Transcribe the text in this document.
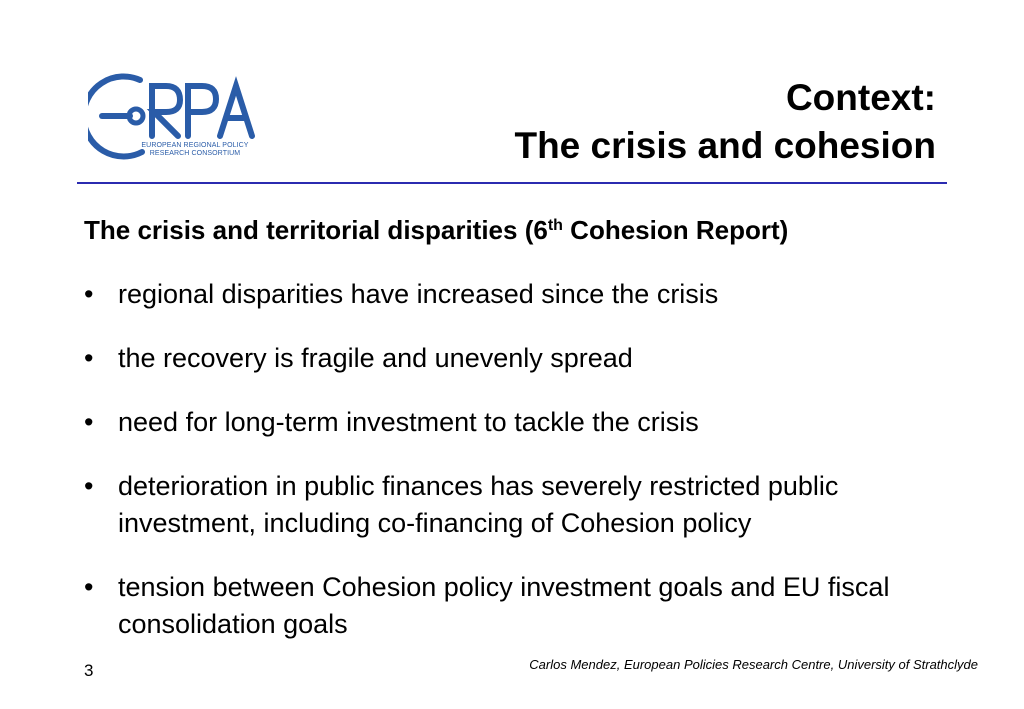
EUROPEAN REGIONAL POLICY
RESEARCH CONSORTIUM
Context:
The crisis and cohesion
The crisis and territorial disparities (6th Cohesion Report)
• regional disparities have increased since the crisis
• the recovery is fragile and unevenly spread
• need for long-term investment to tackle the crisis
• deterioration in public finances has severely restricted public investment, including co-financing of Cohesion policy
• tension between Cohesion policy investment goals and EU fiscal consolidation goals
3	Carlos Mendez, European Policies Research Centre, University of Strathclyde
